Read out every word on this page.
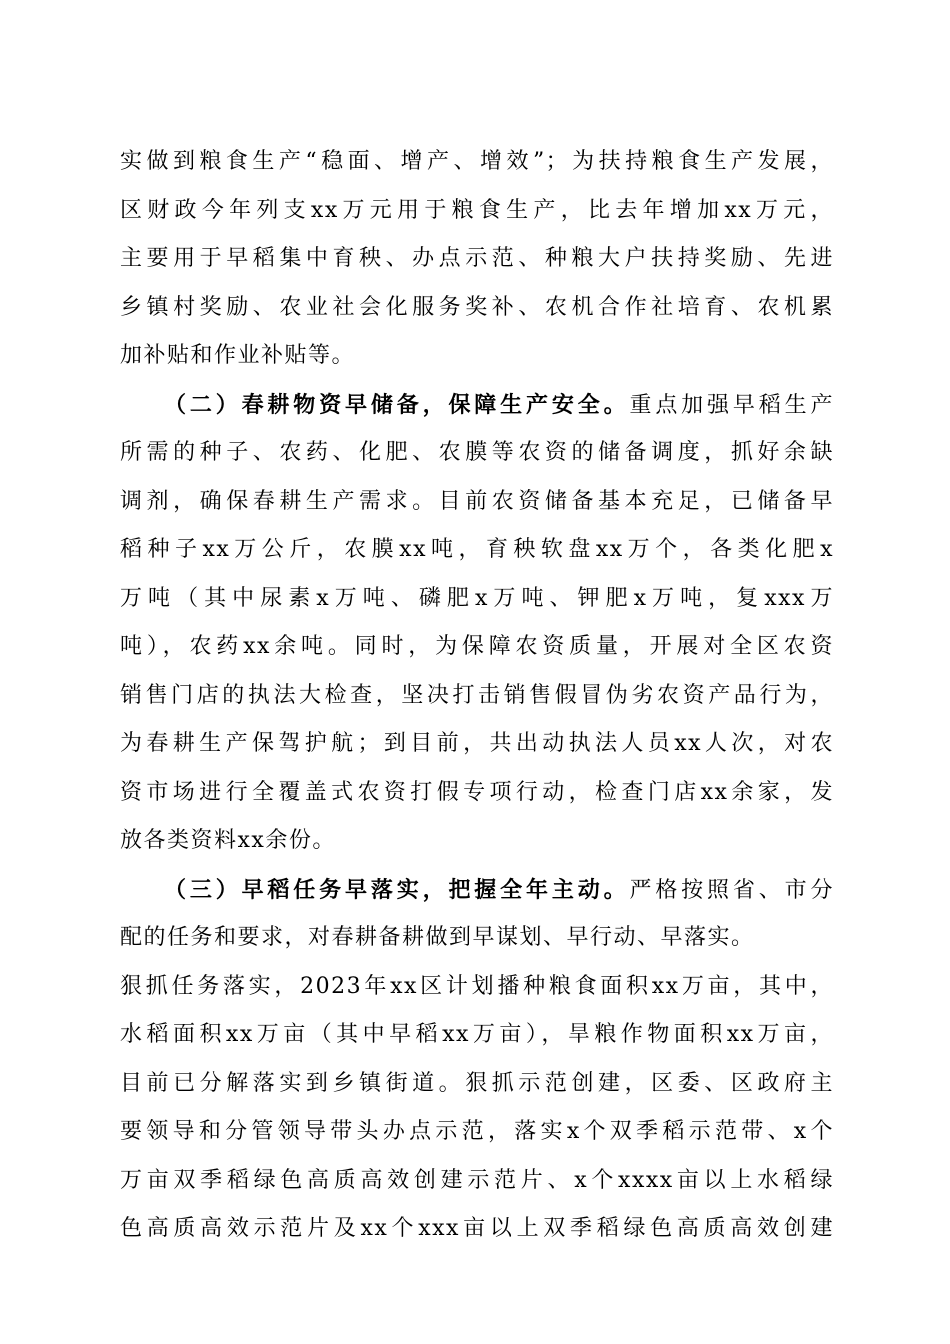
实做到粮食生产“稳面、增产、增效”；为扶持粮食生产发展，
区财政今年列支xx万元用于粮食生产，比去年增加xx万元，
主要用于早稻集中育秧、办点示范、种粮大户扶持奖励、先进
乡镇村奖励、农业社会化服务奖补、农机合作社培育、农机累
加补贴和作业补贴等。
（二）春耕物资早储备，保障生产安全。重点加强早稻生产
所需的种子、农药、化肥、农膜等农资的储备调度，抓好余缺
调剂，确保春耕生产需求。目前农资储备基本充足，已储备早
稻种子xx万公斤，农膜xx吨，育秧软盘xx万个，各类化肥x
万吨（其中尿素x万吨、磷肥x万吨、钾肥x万吨，复xxx万
吨），农药xx余吨。同时，为保障农资质量，开展对全区农资
销售门店的执法大检查，坚决打击销售假冒伪劣农资产品行为，
为春耕生产保驾护航；到目前，共出动执法人员xx人次，对农
资市场进行全覆盖式农资打假专项行动，检查门店xx余家，发
放各类资料xx余份。
（三）早稻任务早落实，把握全年主动。严格按照省、市分
配的任务和要求，对春耕备耕做到早谋划、早行动、早落实。
狠抓任务落实，2023年xx区计划播种粮食面积xx万亩，其中，
水稻面积xx万亩（其中早稻xx万亩），旱粮作物面积xx万亩，
目前已分解落实到乡镇街道。狠抓示范创建，区委、区政府主
要领导和分管领导带头办点示范，落实x个双季稻示范带、x个
万亩双季稻绿色高质高效创建示范片、x个xxxx亩以上水稻绿
色高质高效示范片及xx个xxx亩以上双季稻绿色高质高效创建
